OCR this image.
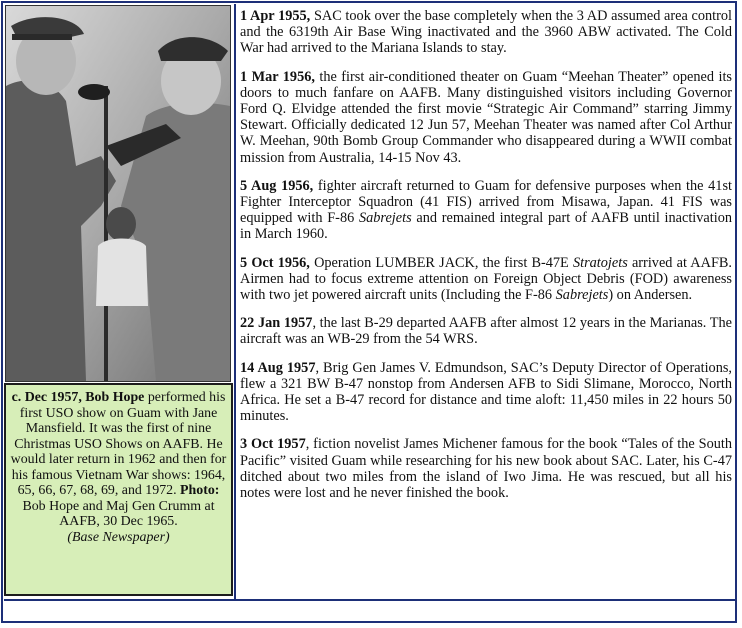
c. Dec 1957, Bob Hope performed his first USO show on Guam with Jane Mansfield. It was the first of nine Christmas USO Shows on AAFB. He would later return in 1962 and then for his famous Vietnam War shows: 1964, 65, 66, 67, 68, 69, and 1972. Photo: Bob Hope and Maj Gen Crumm at AAFB, 30 Dec 1965.
(Base Newspaper)

1 Apr 1955, SAC took over the base completely when the 3 AD assumed area control and the 6319th Air Base Wing inactivated and the 3960 ABW activated. The Cold War had arrived to the Mariana Islands to stay.

1 Mar 1956, the first air-conditioned theater on Guam “Meehan Theater” opened its doors to much fanfare on AAFB. Many distinguished visitors including Governor Ford Q. Elvidge attended the first movie “Strategic Air Command” starring Jimmy Stewart. Officially dedicated 12 Jun 57, Meehan Theater was named after Col Arthur W. Meehan, 90th Bomb Group Commander who disappeared during a WWII combat mission from Australia, 14-15 Nov 43.

5 Aug 1956, fighter aircraft returned to Guam for defensive purposes when the 41st Fighter Interceptor Squadron (41 FIS) arrived from Misawa, Japan. 41 FIS was equipped with F-86 Sabrejets and remained integral part of AAFB until inactivation in March 1960.

5 Oct 1956, Operation LUMBER JACK, the first B-47E Stratojets arrived at AAFB. Airmen had to focus extreme attention on Foreign Object Debris (FOD) awareness with two jet powered aircraft units (Including the F-86 Sabrejets) on Andersen.

22 Jan 1957, the last B-29 departed AAFB after almost 12 years in the Marianas. The aircraft was an WB-29 from the 54 WRS.

14 Aug 1957, Brig Gen James V. Edmundson, SAC’s Deputy Director of Operations, flew a 321 BW B-47 nonstop from Andersen AFB to Sidi Slimane, Morocco, North Africa. He set a B-47 record for distance and time aloft: 11,450 miles in 22 hours 50 minutes.

3 Oct 1957, fiction novelist James Michener famous for the book “Tales of the South Pacific” visited Guam while researching for his new book about SAC. Later, his C-47 ditched about two miles from the island of Iwo Jima. He was rescued, but all his notes were lost and he never finished the book.
